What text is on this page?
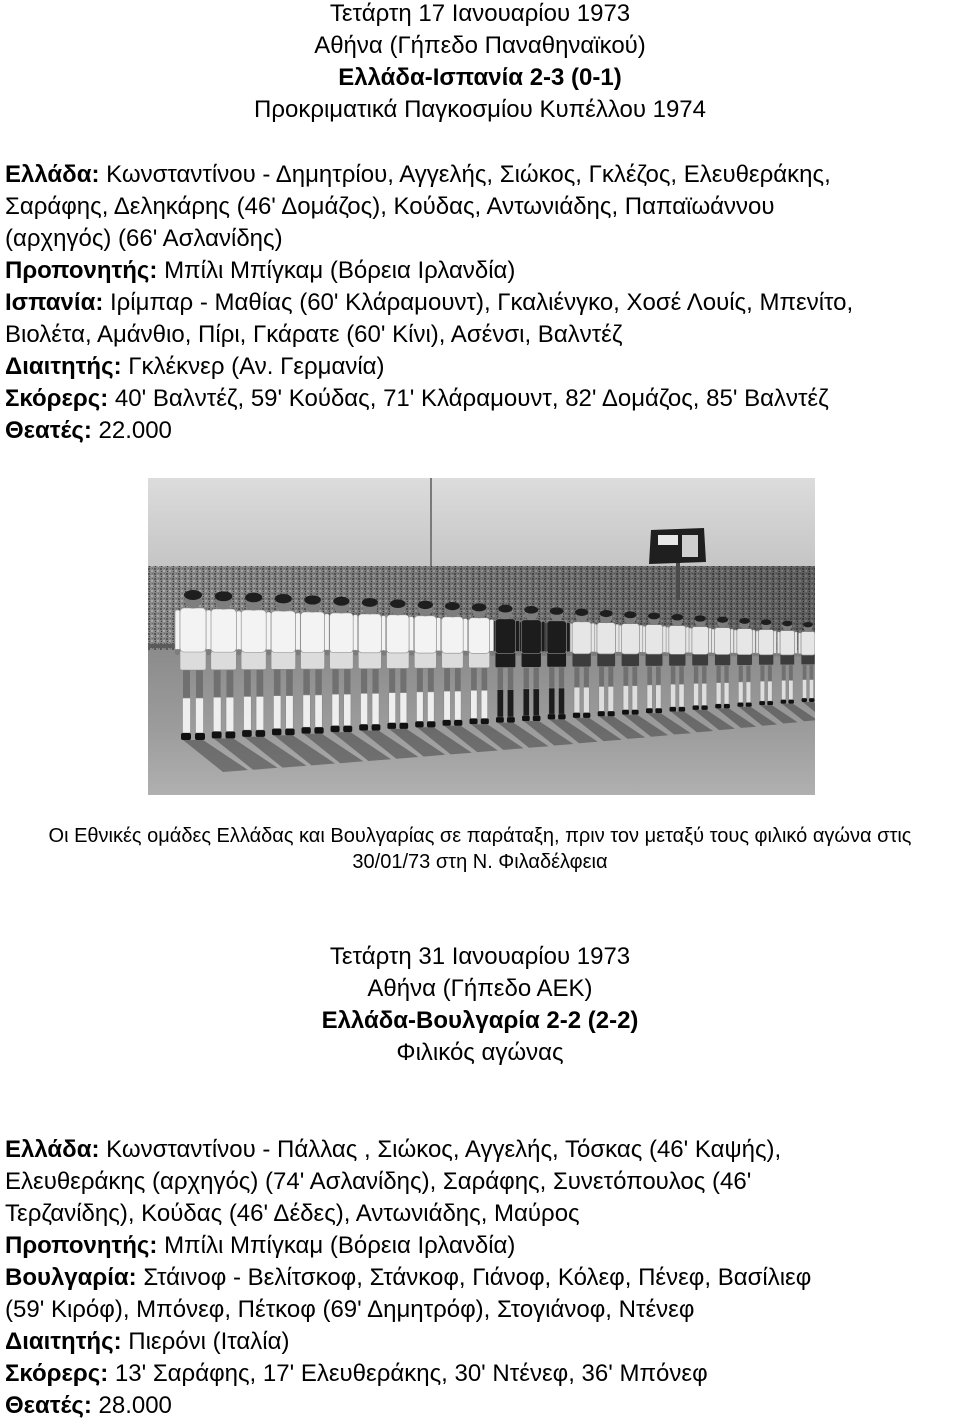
Τετάρτη 17 Ιανουαρίου 1973
Αθήνα (Γήπεδο Παναθηναϊκού)
Ελλάδα-Ισπανία 2-3 (0-1)
Προκριματικά Παγκοσμίου Κυπέλλου 1974
Ελλάδα: Κωνσταντίνου - Δημητρίου, Αγγελής, Σιώκος, Γκλέζος, Ελευθεράκης,
Σαράφης, Δεληκάρης (46' Δομάζος), Κούδας, Αντωνιάδης, Παπαϊωάννου
(αρχηγός) (66' Ασλανίδης)
Προπονητής: Μπίλι Μπίγκαμ (Βόρεια Ιρλανδία)
Ισπανία: Ιρίμπαρ - Μαθίας (60' Κλάραμουντ), Γκαλιένγκο, Χοσέ Λουίς, Μπενίτο,
Βιολέτα, Αμάνθιο, Πίρι, Γκάρατε (60' Κίνι), Ασένσι, Βαλντέζ
Διαιτητής: Γκλέκνερ (Αν. Γερμανία)
Σκόρερς: 40' Βαλντέζ, 59' Κούδας, 71' Κλάραμουντ, 82' Δομάζος, 85' Βαλντέζ
Θεατές: 22.000
Οι Εθνικές ομάδες Ελλάδας και Βουλγαρίας σε παράταξη, πριν τον μεταξύ τους φιλικό αγώνα στις
30/01/73 στη Ν. Φιλαδέλφεια
Τετάρτη 31 Ιανουαρίου 1973
Αθήνα (Γήπεδο ΑΕΚ)
Ελλάδα-Βουλγαρία 2-2 (2-2)
Φιλικός αγώνας
Ελλάδα: Κωνσταντίνου - Πάλλας , Σιώκος, Αγγελής, Τόσκας (46' Καψής),
Ελευθεράκης (αρχηγός) (74' Ασλανίδης), Σαράφης, Συνετόπουλος (46'
Τερζανίδης), Κούδας (46' Δέδες), Αντωνιάδης, Μαύρος
Προπονητής: Μπίλι Μπίγκαμ (Βόρεια Ιρλανδία)
Βουλγαρία: Στάινοφ - Βελίτσκοφ, Στάνκοφ, Γιάνοφ, Κόλεφ, Πένεφ, Βασίλιεφ
(59' Κιρόφ), Μπόνεφ, Πέτκοφ (69' Δημητρόφ), Στογιάνοφ, Ντένεφ
Διαιτητής: Πιερόνι (Ιταλία)
Σκόρερς: 13' Σαράφης, 17' Ελευθεράκης, 30' Ντένεφ, 36' Μπόνεφ
Θεατές: 28.000
